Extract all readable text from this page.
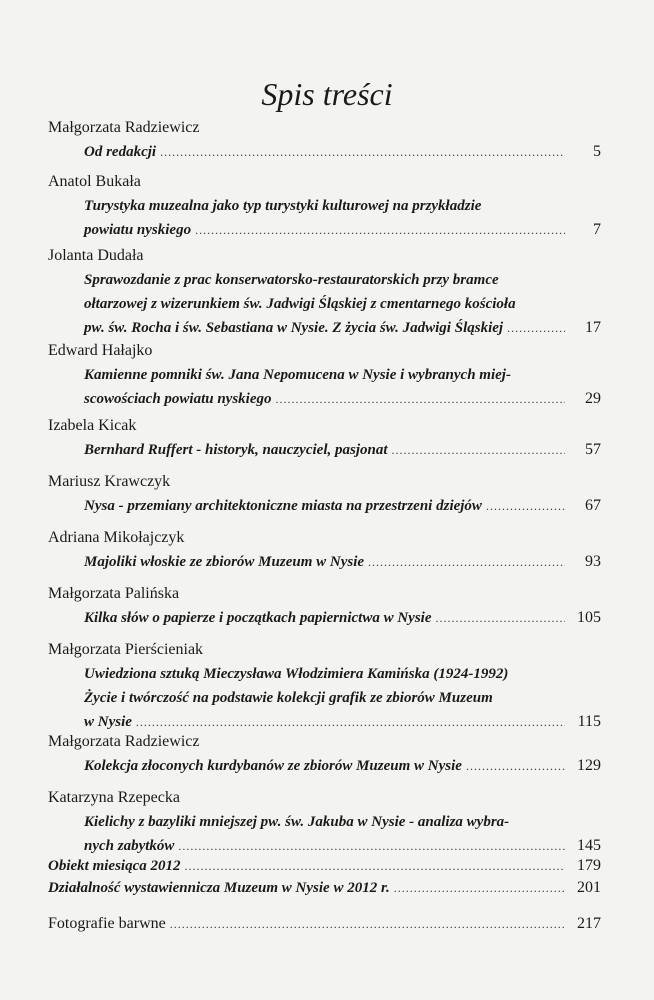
Spis treści
Małgorzata Radziewicz
Od redakcji . . .	5
Anatol Bukała
Turystyka muzealna jako typ turystyki kulturowej na przykładzie
powiatu nyskiego . . .	7
Jolanta Dudała
Sprawozdanie z prac konserwatorsko-restauratorskich przy bramce
ołtarzowej z wizerunkiem św. Jadwigi Śląskiej z cmentarnego kościoła
pw. św. Rocha i św. Sebastiana w Nysie. Z życia św. Jadwigi Śląskiej . . .	17
Edward Hałajko
Kamienne pomniki św. Jana Nepomucena w Nysie i wybranych miej-
scowościach powiatu nyskiego . . .	29
Izabela Kicak
Bernhard Ruffert - historyk, nauczyciel, pasjonat . . .	57
Mariusz Krawczyk
Nysa - przemiany architektoniczne miasta na przestrzeni dziejów . . .	67
Adriana Mikołajczyk
Majoliki włoskie ze zbiorów Muzeum w Nysie . . .	93
Małgorzata Palińska
Kilka słów o papierze i początkach papiernictwa w Nysie . . .	105
Małgorzata Pierścieniak
Uwiedziona sztuką Mieczysława Włodzimiera Kamińska (1924-1992)
Życie i twórczość na podstawie kolekcji grafik ze zbiorów Muzeum
w Nysie . . .	115
Małgorzata Radziewicz
Kolekcja złoconych kurdybanów ze zbiorów Muzeum w Nysie . . .	129
Katarzyna Rzepecka
Kielichy z bazyliki mniejszej pw. św. Jakuba w Nysie - analiza wybra-
nych zabytków . . .	145
Obiekt miesiąca 2012 . . .	179
Działalność wystawiennicza Muzeum w Nysie w 2012 r. . . .	201
Fotografie barwne . . .	217
